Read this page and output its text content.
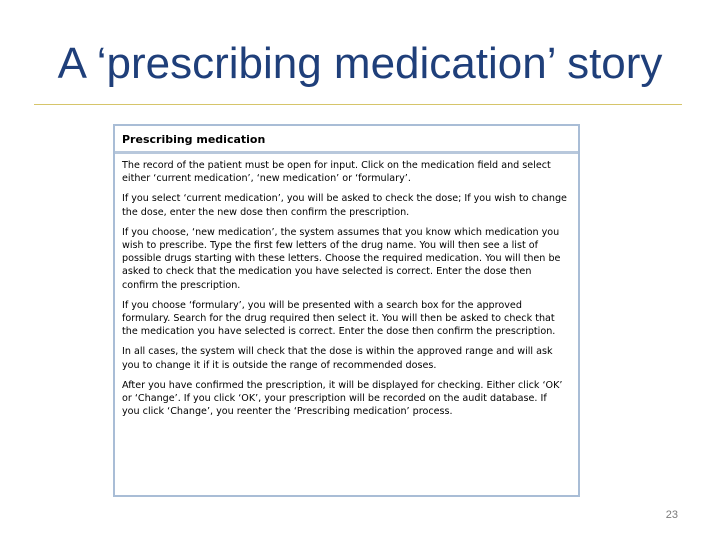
A ‘prescribing medication’ story
Prescribing medication

The record of the patient must be open for input. Click on the medication field and select either ‘current medication’, ‘new medication’ or ‘formulary’.

If you select ‘current medication’, you will be asked to check the dose; If you wish to change the dose, enter the new dose then confirm the prescription.

If you choose, ‘new medication’, the system assumes that you know which medication you wish to prescribe. Type the first few letters of the drug name. You will then see a list of possible drugs starting with these letters. Choose the required medication. You will then be asked to check that the medication you have selected is correct. Enter the dose then confirm the prescription.

If you choose ‘formulary’, you will be presented with a search box for the approved formulary. Search for the drug required then select it. You will then be asked to check that the medication you have selected is correct. Enter the dose then confirm the prescription.

In all cases, the system will check that the dose is within the approved range and will ask you to change it if it is outside the range of recommended doses.

After you have confirmed the prescription, it will be displayed for checking. Either click ‘OK’ or ‘Change’. If you click ‘OK’, your prescription will be recorded on the audit database. If you click ‘Change’, you reenter the ‘Prescribing medication’ process.

23
